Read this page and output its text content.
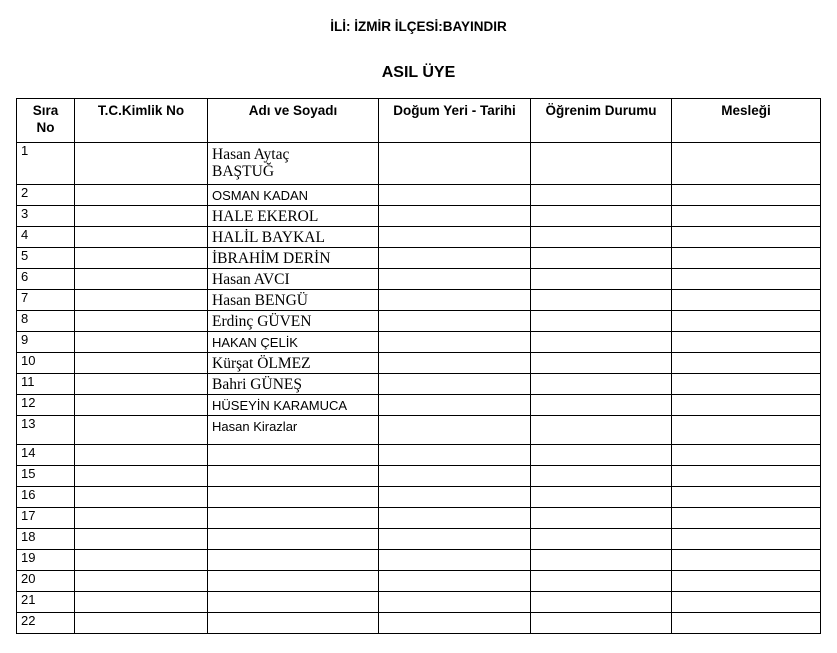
İLİ: İZMİR İLÇESİ:BAYINDIR
ASIL ÜYE
Sıra No	T.C.Kimlik No	Adı ve Soyadı	Doğum Yeri - Tarihi	Öğrenim Durumu	Mesleği
1		Hasan Aytaç BAŞTUĞ			
2		OSMAN KADAN			
3		HALE EKEROL			
4		HALİL BAYKAL			
5		İBRAHİM DERİN			
6		Hasan AVCI			
7		Hasan BENGÜ			
8		Erdinç GÜVEN			
9		HAKAN ÇELİK			
10		Kürşat ÖLMEZ			
11		Bahri GÜNEŞ			
12		HÜSEYİN KARAMUCA			
13		Hasan Kirazlar			
14					
15					
16					
17					
18					
19					
20					
21					
22					
